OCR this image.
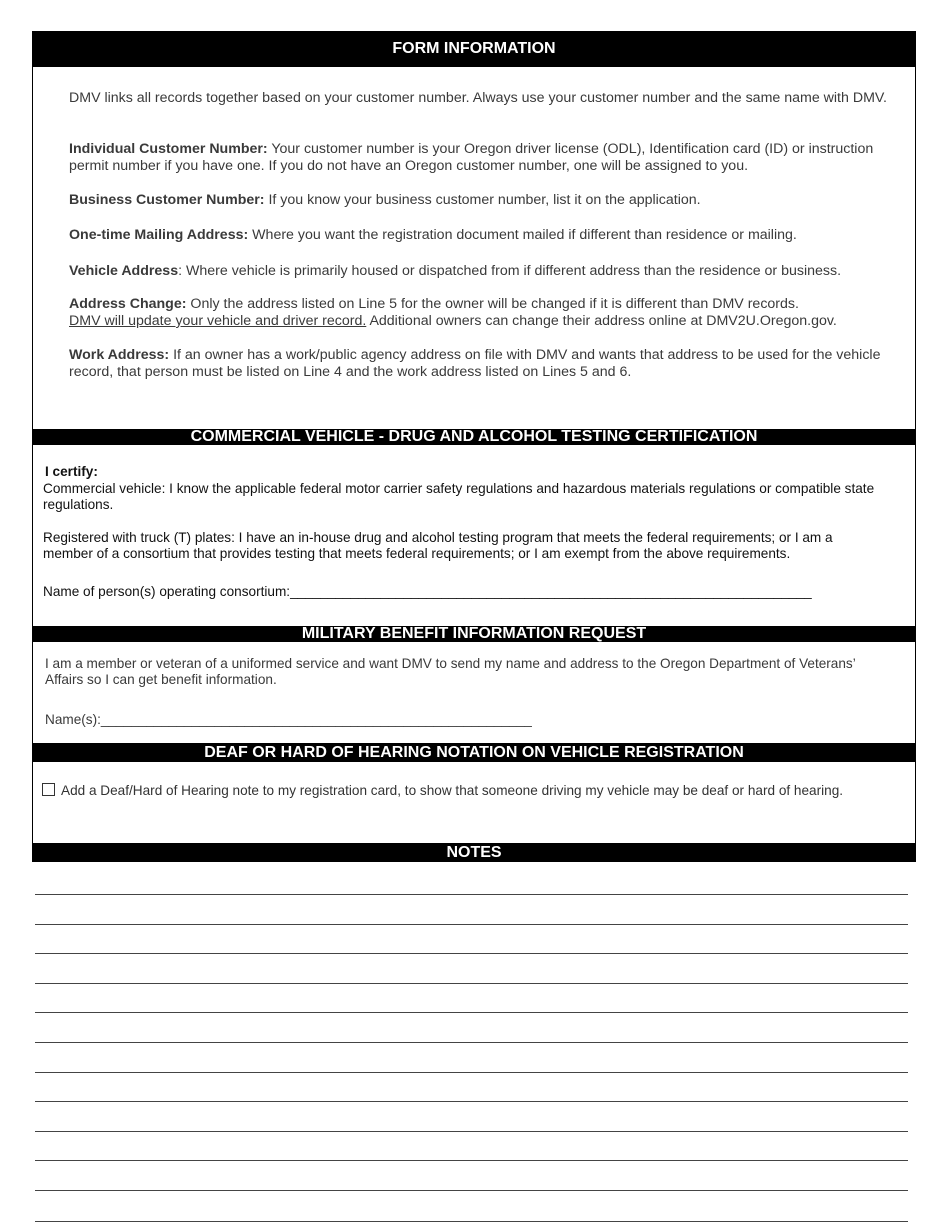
FORM INFORMATION

DMV links all records together based on your customer number. Always use your customer number and the same name with DMV.

Individual Customer Number: Your customer number is your Oregon driver license (ODL), Identification card (ID) or instruction permit number if you have one. If you do not have an Oregon customer number, one will be assigned to you.

Business Customer Number: If you know your business customer number, list it on the application.

One-time Mailing Address: Where you want the registration document mailed if different than residence or mailing.

Vehicle Address: Where vehicle is primarily housed or dispatched from if different address than the residence or business.

Address Change: Only the address listed on Line 5 for the owner will be changed if it is different than DMV records.
DMV will update your vehicle and driver record. Additional owners can change their address online at DMV2U.Oregon.gov.

Work Address: If an owner has a work/public agency address on file with DMV and wants that address to be used for the vehicle record, that person must be listed on Line 4 and the work address listed on Lines 5 and 6.

COMMERCIAL VEHICLE - DRUG AND ALCOHOL TESTING CERTIFICATION

I certify:

Commercial vehicle: I know the applicable federal motor carrier safety regulations and hazardous materials regulations or compatible state regulations.

Registered with truck (T) plates: I have an in-house drug and alcohol testing program that meets the federal requirements; or I am a member of a consortium that provides testing that meets federal requirements; or I am exempt from the above requirements.

Name of person(s) operating consortium:_____________________________________________________________________

MILITARY BENEFIT INFORMATION REQUEST

I am a member or veteran of a uniformed service and want DMV to send my name and address to the Oregon Department of Veterans’ Affairs so I can get benefit information.

Name(s):_________________________________________________________

DEAF OR HARD OF HEARING NOTATION ON VEHICLE REGISTRATION
Add a Deaf/Hard of Hearing note to my registration card, to show that someone driving my vehicle may be deaf or hard of hearing.
NOTES
